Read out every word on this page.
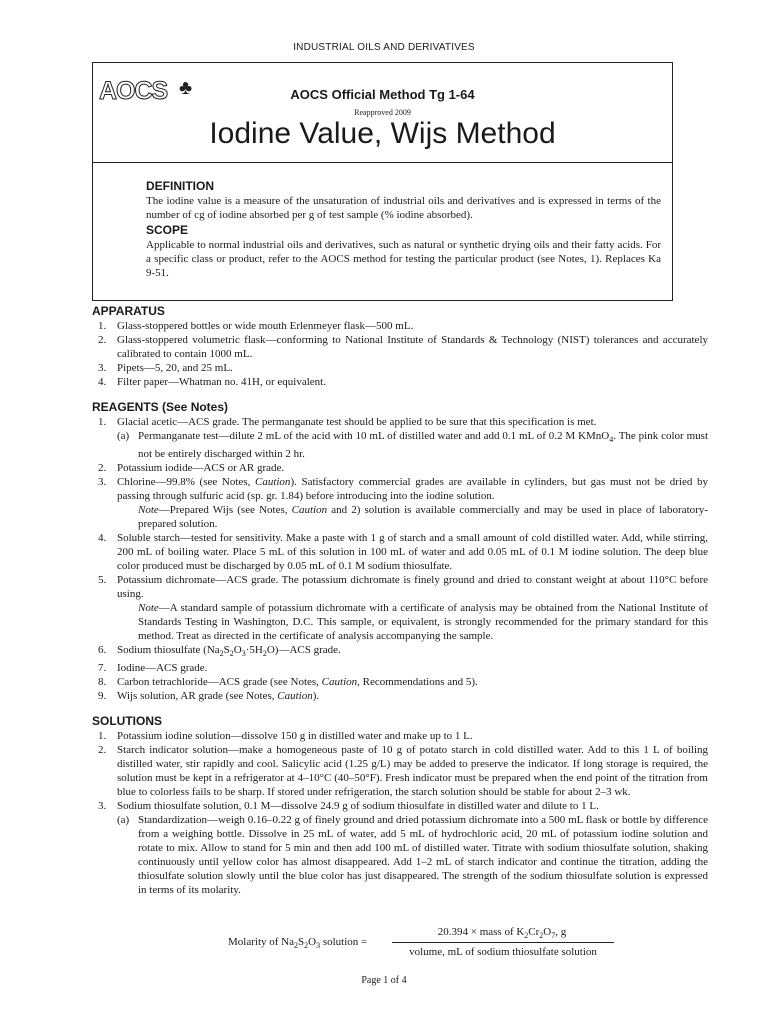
INDUSTRIAL OILS AND DERIVATIVES
AOCS ♣	AOCS Official Method Tg 1-64
Reapproved 2009
Iodine Value, Wijs Method
DEFINITION

The iodine value is a measure of the unsaturation of industrial oils and derivatives and is expressed in terms of the number of cg of iodine absorbed per g of test sample (% iodine absorbed).

SCOPE

Applicable to normal industrial oils and derivatives, such as natural or synthetic drying oils and their fatty acids. For a specific class or product, refer to the AOCS method for testing the particular product (see Notes, 1). Replaces Ka 9-51.

APPARATUS
1. Glass-stoppered bottles or wide mouth Erlenmeyer flask—500 mL.
2. Glass-stoppered volumetric flask—conforming to National Institute of Standards & Technology (NIST) tolerances and accurately calibrated to contain 1000 mL.
3. Pipets—5, 20, and 25 mL.
4. Filter paper—Whatman no. 41H, or equivalent.
REAGENTS (See Notes)
1. Glacial acetic—ACS grade. The permanganate test should be applied to be sure that this specification is met.
(a) Permanganate test—dilute 2 mL of the acid with 10 mL of distilled water and add 0.1 mL of 0.2 M KMnO$_4$. The pink color must not be entirely discharged within 2 hr.
2. Potassium iodide—ACS or AR grade.
3. Chlorine—99.8% (see Notes, Caution). Satisfactory commercial grades are available in cylinders, but gas must not be dried by passing through sulfuric acid (sp. gr. 1.84) before introducing into the iodine solution.
Note—Prepared Wijs (see Notes, Caution and 2) solution is available commercially and may be used in place of laboratory-prepared solution.
4. Soluble starch—tested for sensitivity. Make a paste with 1 g of starch and a small amount of cold distilled water. Add, while stirring, 200 mL of boiling water. Place 5 mL of this solution in 100 mL of water and add 0.05 mL of 0.1 M iodine solution. The deep blue color produced must be discharged by 0.05 mL of 0.1 M sodium thiosulfate.
5. Potassium dichromate—ACS grade. The potassium dichromate is finely ground and dried to constant weight at about 110°C before using.
Note—A standard sample of potassium dichromate with a certificate of analysis may be obtained from the National Institute of Standards Testing in Washington, D.C. This sample, or equivalent, is strongly recommended for the primary standard for this method. Treat as directed in the certificate of analysis accompanying the sample.
6. Sodium thiosulfate $(Na_2S_2O_3\cdot 5H_2O)—ACS$ grade.
7. Iodine—ACS grade.
8. Carbon tetrachloride—ACS grade (see Notes, Caution, Recommendations and 5).
9. Wijs solution, AR grade (see Notes, Caution).
SOLUTIONS
1. Potassium iodine solution—dissolve 150 g in distilled water and make up to 1 L.
2. Starch indicator solution—make a homogeneous paste of 10 g of potato starch in cold distilled water. Add to this 1 L of boiling distilled water, stir rapidly and cool. Salicylic acid (1.25 g/L) may be added to preserve the indicator. If long storage is required, the solution must be kept in a refrigerator at 4–10°C (40–50°F). Fresh indicator must be prepared when the end point of the titration from blue to colorless fails to be sharp. If stored under refrigeration, the starch solution should be stable for about 2–3 wk.
3. Sodium thiosulfate solution, 0.1 M—dissolve 24.9 g of sodium thiosulfate in distilled water and dilute to 1 L.
(a) Standardization—weigh 0.16–0.22 g of finely ground and dried potassium dichromate into a 500 mL flask or bottle by difference from a weighing bottle. Dissolve in 25 mL of water, add 5 mL of hydrochloric acid, 20 mL of potassium iodine solution and rotate to mix. Allow to stand for 5 min and then add 100 mL of distilled water. Titrate with sodium thiosulfate solution, shaking continuously until yellow color has almost disappeared. Add 1–2 mL of starch indicator and continue the titration, adding the thiosulfate solution slowly until the blue color has just disappeared. The strength of the sodium thiosulfate solution is expressed in terms of its molarity.
Molarity of $Na_2S_2O_3$ solution =
20.394 × mass of $K_2Cr_2O_7$, g
volume, mL of sodium thiosulfate solution
Page 1 of 4
